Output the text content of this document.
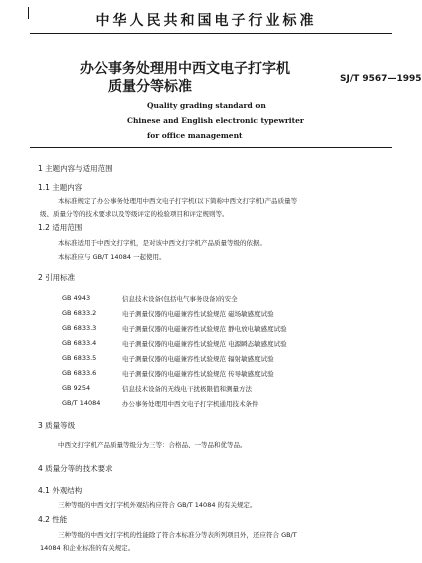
中华人民共和国电子行业标准
办公事务处理用中西文电子打字机
质量分等标准	SJ/T 9567—1995
Quality grading standard on
Chinese and English electronic typewriter
for office management
1 主题内容与适用范围
1.1 主题内容
本标准规定了办公事务处理用中西文电子打字机(以下简称中西文打字机)产品质量等
级、质量分等的技术要求以及等级评定的检验项目和评定规则等。
1.2 适用范围
本标准适用于中西文打字机，是对该中西文打字机产品质量等级的依据。
本标准应与 GB/T 14084 一起使用。
2 引用标准
GB 4943	信息技术设备(包括电气事务设备)的安全
GB 6833.2	电子测量仪器的电磁兼容性试验规范 磁场敏感度试验
GB 6833.3	电子测量仪器的电磁兼容性试验规范 静电放电敏感度试验
GB 6833.4	电子测量仪器的电磁兼容性试验规范 电源瞬态敏感度试验
GB 6833.5	电子测量仪器的电磁兼容性试验规范 辐射敏感度试验
GB 6833.6	电子测量仪器的电磁兼容性试验规范 传导敏感度试验
GB 9254	信息技术设备的无线电干扰极限值和测量方法
GB/T 14084	办公事务处理用中西文电子打字机通用技术条件
3 质量等级
中西文打字机产品质量等级分为三等：合格品、一等品和优等品。
4 质量分等的技术要求
4.1 外观结构
三种等级的中西文打字机外观结构应符合 GB/T 14084 的有关规定。
4.2 性能
三种等级的中西文打字机的性能除了符合本标准分等表所列项目外，还应符合 GB/T
14084 和企业标准的有关规定。
